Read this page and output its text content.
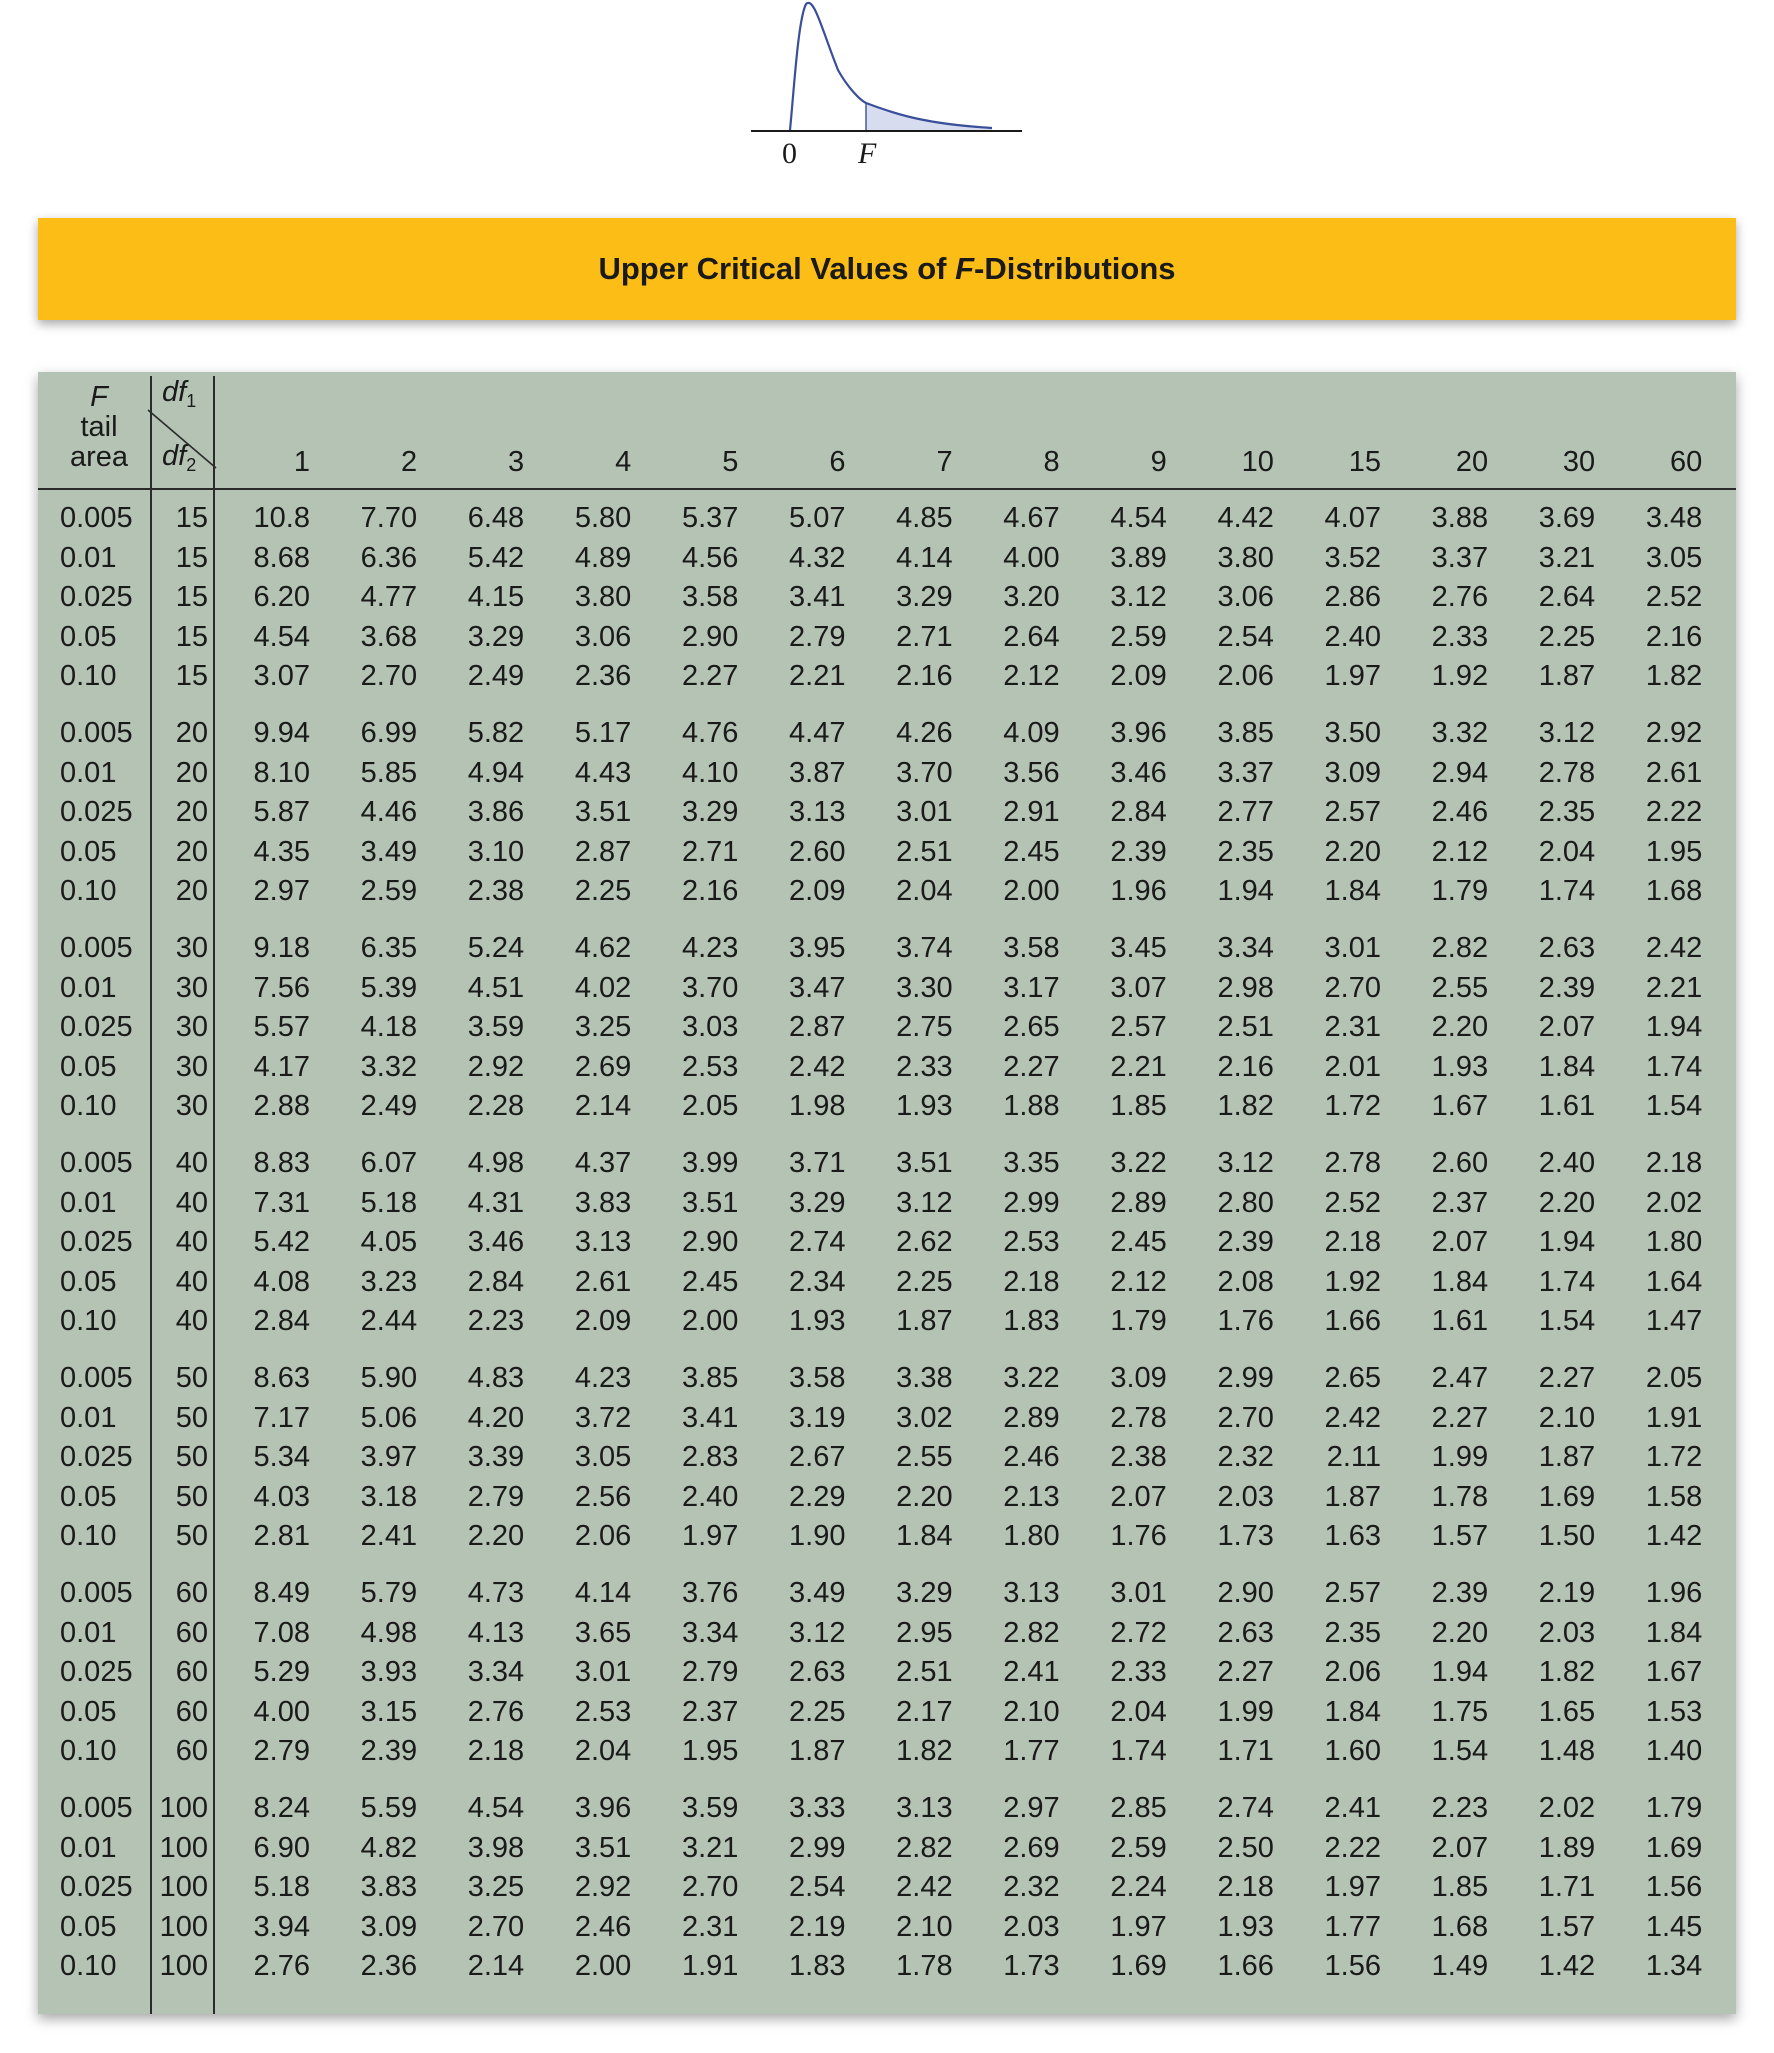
0 F
Upper Critical Values of F-Distributions
F
tail
area
$df_1$
$df_2$	1	2	3	4	5	6	7	8	9	10	15	20	30	60
0.005	15	10.8	7.70	6.48	5.80	5.37	5.07	4.85	4.67	4.54	4.42	4.07	3.88	3.69	3.48
0.01	15	8.68	6.36	5.42	4.89	4.56	4.32	4.14	4.00	3.89	3.80	3.52	3.37	3.21	3.05
0.025	15	6.20	4.77	4.15	3.80	3.58	3.41	3.29	3.20	3.12	3.06	2.86	2.76	2.64	2.52
0.05	15	4.54	3.68	3.29	3.06	2.90	2.79	2.71	2.64	2.59	2.54	2.40	2.33	2.25	2.16
0.10	15	3.07	2.70	2.49	2.36	2.27	2.21	2.16	2.12	2.09	2.06	1.97	1.92	1.87	1.82
0.005	20	9.94	6.99	5.82	5.17	4.76	4.47	4.26	4.09	3.96	3.85	3.50	3.32	3.12	2.92
0.01	20	8.10	5.85	4.94	4.43	4.10	3.87	3.70	3.56	3.46	3.37	3.09	2.94	2.78	2.61
0.025	20	5.87	4.46	3.86	3.51	3.29	3.13	3.01	2.91	2.84	2.77	2.57	2.46	2.35	2.22
0.05	20	4.35	3.49	3.10	2.87	2.71	2.60	2.51	2.45	2.39	2.35	2.20	2.12	2.04	1.95
0.10	20	2.97	2.59	2.38	2.25	2.16	2.09	2.04	2.00	1.96	1.94	1.84	1.79	1.74	1.68
0.005	30	9.18	6.35	5.24	4.62	4.23	3.95	3.74	3.58	3.45	3.34	3.01	2.82	2.63	2.42
0.01	30	7.56	5.39	4.51	4.02	3.70	3.47	3.30	3.17	3.07	2.98	2.70	2.55	2.39	2.21
0.025	30	5.57	4.18	3.59	3.25	3.03	2.87	2.75	2.65	2.57	2.51	2.31	2.20	2.07	1.94
0.05	30	4.17	3.32	2.92	2.69	2.53	2.42	2.33	2.27	2.21	2.16	2.01	1.93	1.84	1.74
0.10	30	2.88	2.49	2.28	2.14	2.05	1.98	1.93	1.88	1.85	1.82	1.72	1.67	1.61	1.54
0.005	40	8.83	6.07	4.98	4.37	3.99	3.71	3.51	3.35	3.22	3.12	2.78	2.60	2.40	2.18
0.01	40	7.31	5.18	4.31	3.83	3.51	3.29	3.12	2.99	2.89	2.80	2.52	2.37	2.20	2.02
0.025	40	5.42	4.05	3.46	3.13	2.90	2.74	2.62	2.53	2.45	2.39	2.18	2.07	1.94	1.80
0.05	40	4.08	3.23	2.84	2.61	2.45	2.34	2.25	2.18	2.12	2.08	1.92	1.84	1.74	1.64
0.10	40	2.84	2.44	2.23	2.09	2.00	1.93	1.87	1.83	1.79	1.76	1.66	1.61	1.54	1.47
0.005	50	8.63	5.90	4.83	4.23	3.85	3.58	3.38	3.22	3.09	2.99	2.65	2.47	2.27	2.05
0.01	50	7.17	5.06	4.20	3.72	3.41	3.19	3.02	2.89	2.78	2.70	2.42	2.27	2.10	1.91
0.025	50	5.34	3.97	3.39	3.05	2.83	2.67	2.55	2.46	2.38	2.32	2.11	1.99	1.87	1.72
0.05	50	4.03	3.18	2.79	2.56	2.40	2.29	2.20	2.13	2.07	2.03	1.87	1.78	1.69	1.58
0.10	50	2.81	2.41	2.20	2.06	1.97	1.90	1.84	1.80	1.76	1.73	1.63	1.57	1.50	1.42
0.005	60	8.49	5.79	4.73	4.14	3.76	3.49	3.29	3.13	3.01	2.90	2.57	2.39	2.19	1.96
0.01	60	7.08	4.98	4.13	3.65	3.34	3.12	2.95	2.82	2.72	2.63	2.35	2.20	2.03	1.84
0.025	60	5.29	3.93	3.34	3.01	2.79	2.63	2.51	2.41	2.33	2.27	2.06	1.94	1.82	1.67
0.05	60	4.00	3.15	2.76	2.53	2.37	2.25	2.17	2.10	2.04	1.99	1.84	1.75	1.65	1.53
0.10	60	2.79	2.39	2.18	2.04	1.95	1.87	1.82	1.77	1.74	1.71	1.60	1.54	1.48	1.40
0.005 100	8.24	5.59	4.54	3.96	3.59	3.33	3.13	2.97	2.85	2.74	2.41	2.23	2.02	1.79
0.01	100	6.90	4.82	3.98	3.51	3.21	2.99	2.82	2.69	2.59	2.50	2.22	2.07	1.89	1.69
0.025 100	5.18	3.83	3.25	2.92	2.70	2.54	2.42	2.32	2.24	2.18	1.97	1.85	1.71	1.56
0.05	100	3.94	3.09	2.70	2.46	2.31	2.19	2.10	2.03	1.97	1.93	1.77	1.68	1.57	1.45
0.10	100	2.76	2.36	2.14	2.00	1.91	1.83	1.78	1.73	1.69	1.66	1.56	1.49	1.42	1.34
